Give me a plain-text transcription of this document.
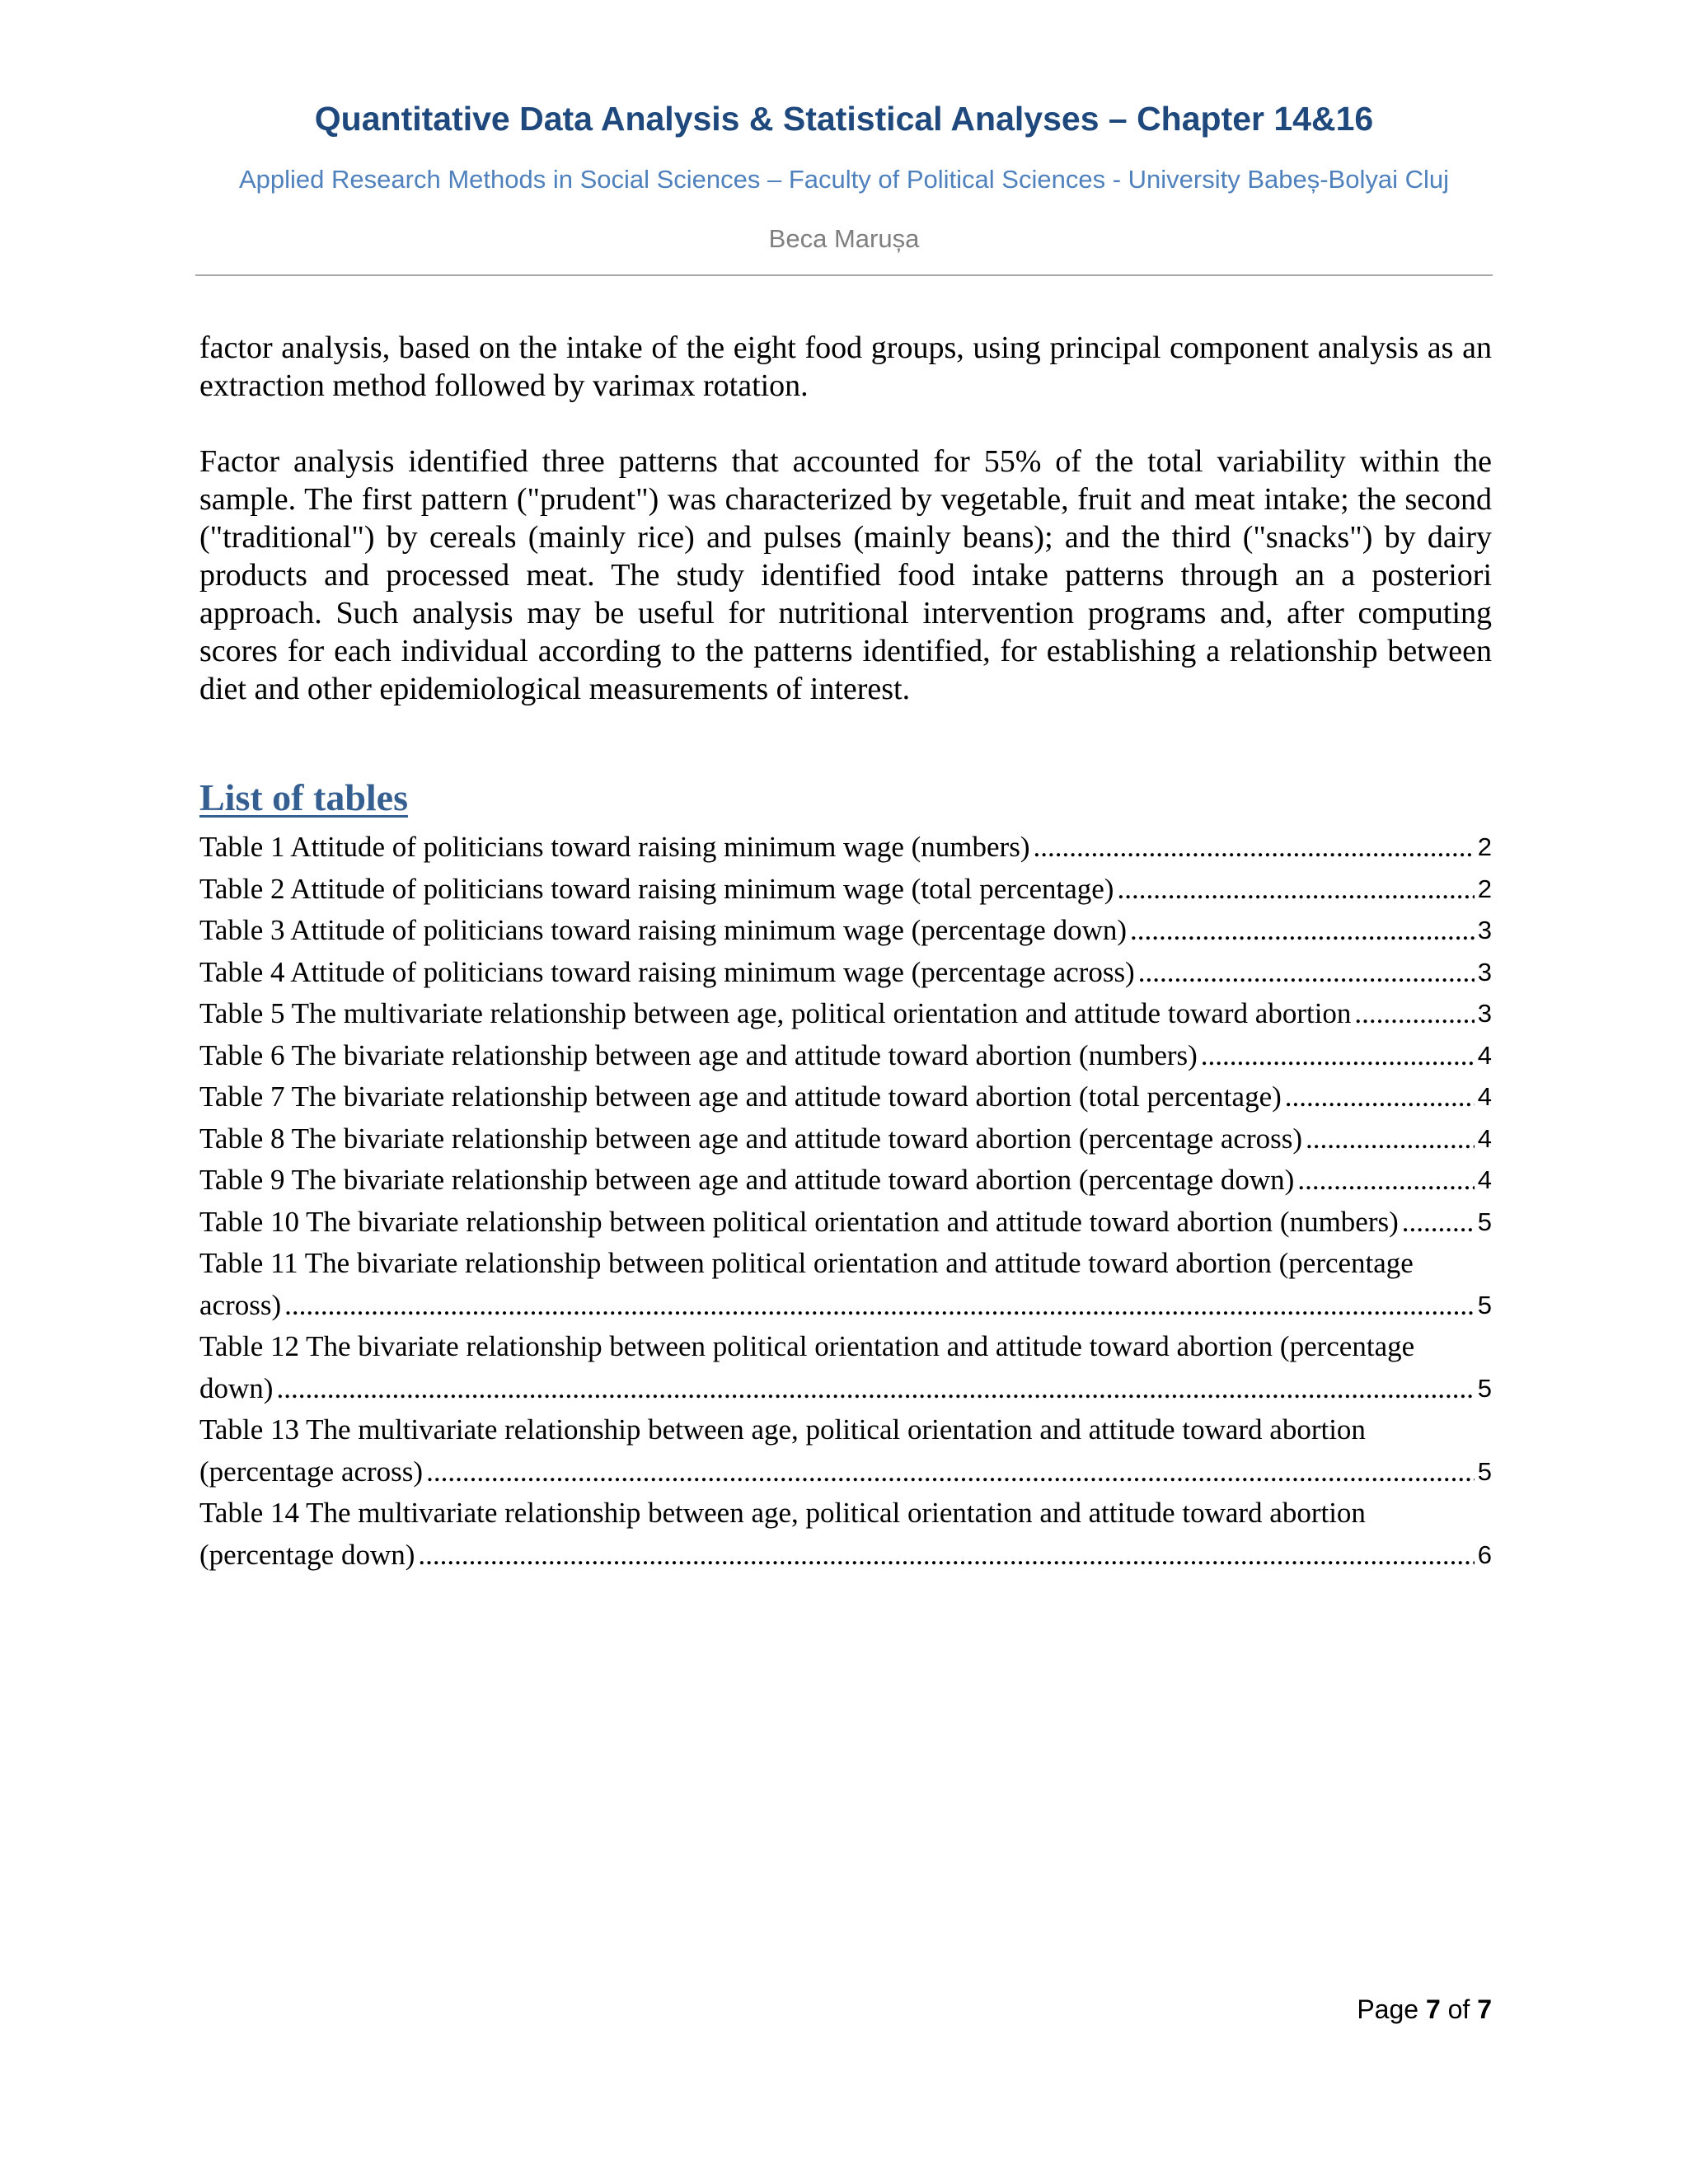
Quantitative Data Analysis & Statistical Analyses – Chapter 14&16
Applied Research Methods in Social Sciences – Faculty of Political Sciences - University Babeș-Bolyai Cluj
Beca Marușa

factor analysis, based on the intake of the eight food groups, using principal component analysis as an extraction method followed by varimax rotation.

Factor analysis identified three patterns that accounted for 55% of the total variability within the sample. The first pattern ("prudent") was characterized by vegetable, fruit and meat intake; the second ("traditional") by cereals (mainly rice) and pulses (mainly beans); and the third ("snacks") by dairy products and processed meat. The study identified food intake patterns through an a posteriori approach. Such analysis may be useful for nutritional intervention programs and, after computing scores for each individual according to the patterns identified, for establishing a relationship between diet and other epidemiological measurements of interest.

List of tables
Table 1 Attitude of politicians toward raising minimum wage (numbers) .....	2
Table 2 Attitude of politicians toward raising minimum wage (total percentage) .....	2
Table 3 Attitude of politicians toward raising minimum wage (percentage down) .....	3
Table 4 Attitude of politicians toward raising minimum wage (percentage across) .....	3
Table 5 The multivariate relationship between age, political orientation and attitude toward abortion .....	3
Table 6 The bivariate relationship between age and attitude toward abortion (numbers) .....	4
Table 7 The bivariate relationship between age and attitude toward abortion (total percentage) .....	4
Table 8 The bivariate relationship between age and attitude toward abortion (percentage across) .....	4
Table 9 The bivariate relationship between age and attitude toward abortion (percentage down) .....	4
Table 10 The bivariate relationship between political orientation and attitude toward abortion (numbers) .....	5
Table 11 The bivariate relationship between political orientation and attitude toward abortion (percentage
across) .....	5
Table 12 The bivariate relationship between political orientation and attitude toward abortion (percentage
down) .....	5
Table 13 The multivariate relationship between age, political orientation and attitude toward abortion
(percentage across) .....	5
Table 14 The multivariate relationship between age, political orientation and attitude toward abortion
(percentage down) .....	6
Page 7 of 7
